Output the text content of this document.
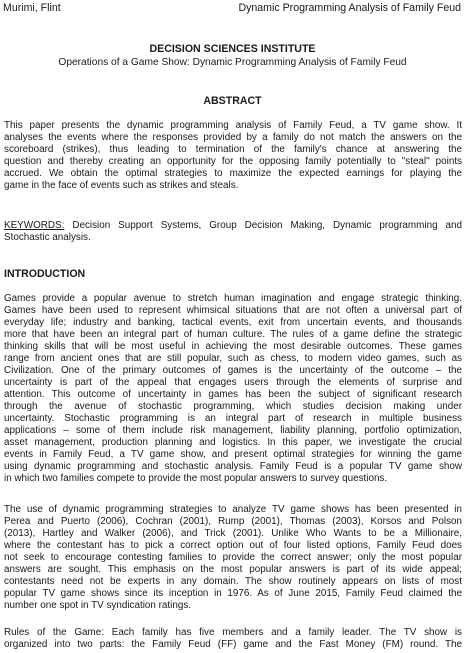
Murimi, Flint	Dynamic Programming Analysis of Family Feud
DECISION SCIENCES INSTITUTE
Operations of a Game Show: Dynamic Programming Analysis of Family Feud
ABSTRACT
This paper presents the dynamic programming analysis of Family Feud, a TV game show. It
analyses the events where the responses provided by a family do not match the answers on the
scoreboard (strikes), thus leading to termination of the family's chance at answering the
question and thereby creating an opportunity for the opposing family potentially to "steal" points
accrued. We obtain the optimal strategies to maximize the expected earnings for playing the
game in the face of events such as strikes and steals.
KEYWORDS: Decision Support Systems, Group Decision Making, Dynamic programming and
Stochastic analysis.
INTRODUCTION
Games provide a popular avenue to stretch human imagination and engage strategic thinking.
Games have been used to represent whimsical situations that are not often a universal part of
everyday life; industry and banking, tactical events, exit from uncertain events, and thousands
more that have been an integral part of human culture. The rules of a game define the strategic
thinking skills that will be most useful in achieving the most desirable outcomes. These games
range from ancient ones that are still popular, such as chess, to modern video games, such as
Civilization. One of the primary outcomes of games is the uncertainty of the outcome – the
uncertainty is part of the appeal that engages users through the elements of surprise and
attention. This outcome of uncertainty in games has been the subject of significant research
through the avenue of stochastic programming, which studies decision making under
uncertainty. Stochastic programming is an integral part of research in multiple business
applications – some of them include risk management, liability planning, portfolio optimization,
asset management, production planning and logistics. In this paper, we investigate the crucial
events in Family Feud, a TV game show, and present optimal strategies for winning the game
using dynamic programming and stochastic analysis. Family Feud is a popular TV game show
in which two families compete to provide the most popular answers to survey questions.
The use of dynamic programming strategies to analyze TV game shows has been presented in
Perea and Puerto (2006), Cochran (2001), Rump (2001), Thomas (2003), Korsos and Polson
(2013), Hartley and Walker (2006), and Trick (2001). Unlike Who Wants to be a Millionaire,
where the contestant has to pick a correct option out of four listed options, Family Feud does
not seek to encourage contesting families to provide the correct answer; only the most popular
answers are sought. This emphasis on the most popular answers is part of its wide appeal;
contestants need not be experts in any domain. The show routinely appears on lists of most
popular TV game shows since its inception in 1976. As of June 2015, Family Feud claimed the
number one spot in TV syndication ratings.
Rules of the Game: Each family has five members and a family leader. The TV show is
organized into two parts: the Family Feud (FF) game and the Fast Money (FM) round. The
